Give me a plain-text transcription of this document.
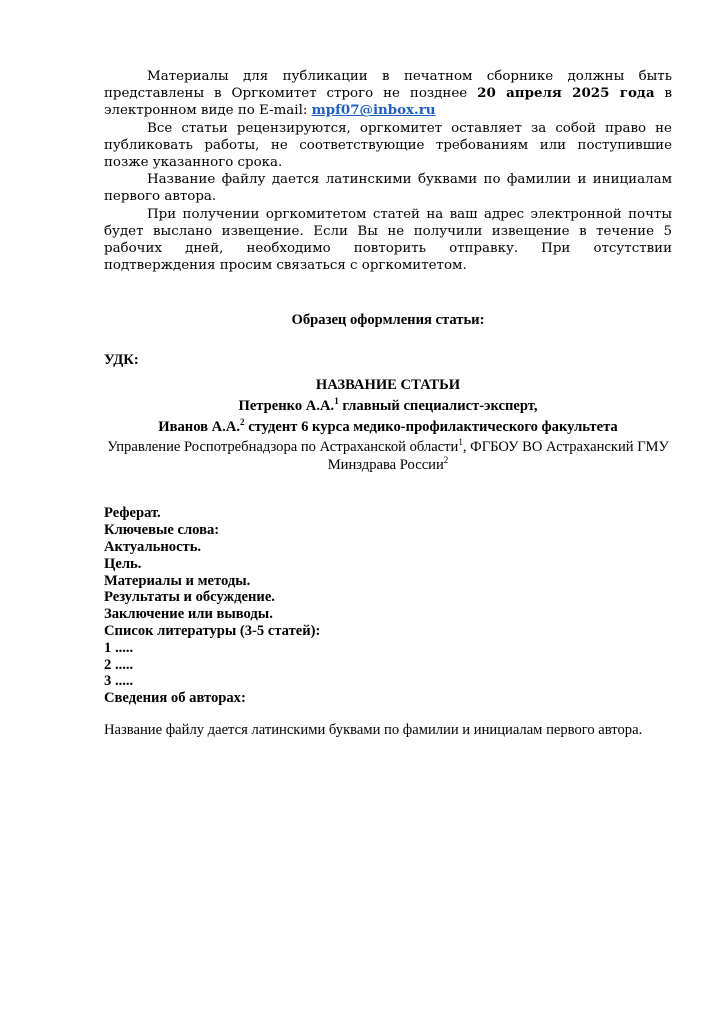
Материалы для публикации в печатном сборнике должны быть представлены в Оргкомитет строго не позднее 20 апреля 2025 года в электронном виде по E-mail: mpf07@inbox.ru

Все статьи рецензируются, оргкомитет оставляет за собой право не публиковать работы, не соответствующие требованиям или поступившие позже указанного срока.

Название файлу дается латинскими буквами по фамилии и инициалам первого автора.

При получении оргкомитетом статей на ваш адрес электронной почты будет выслано извещение. Если Вы не получили извещение в течение 5 рабочих дней, необходимо повторить отправку. При отсутствии подтверждения просим связаться с оргкомитетом.

Образец оформления статьи:

УДК:

НАЗВАНИЕ СТАТЬИ

Петренко А.А.$^1$ главный специалист-эксперт,

Иванов А.А.$^2$ студент 6 курса медико-профилактического факультета

Управление Роспотребнадзора по Астраханской области$^1$, ФГБОУ ВО Астраханский ГМУ Минздрава России$^2$

Реферат.
Ключевые слова:
Актуальность.
Цель.
Материалы и методы.
Результаты и обсуждение.
Заключение или выводы.
Список литературы (3-5 статей):
1 .....
2 .....
3 .....
Сведения об авторах:

Название файлу дается латинскими буквами по фамилии и инициалам первого автора.
